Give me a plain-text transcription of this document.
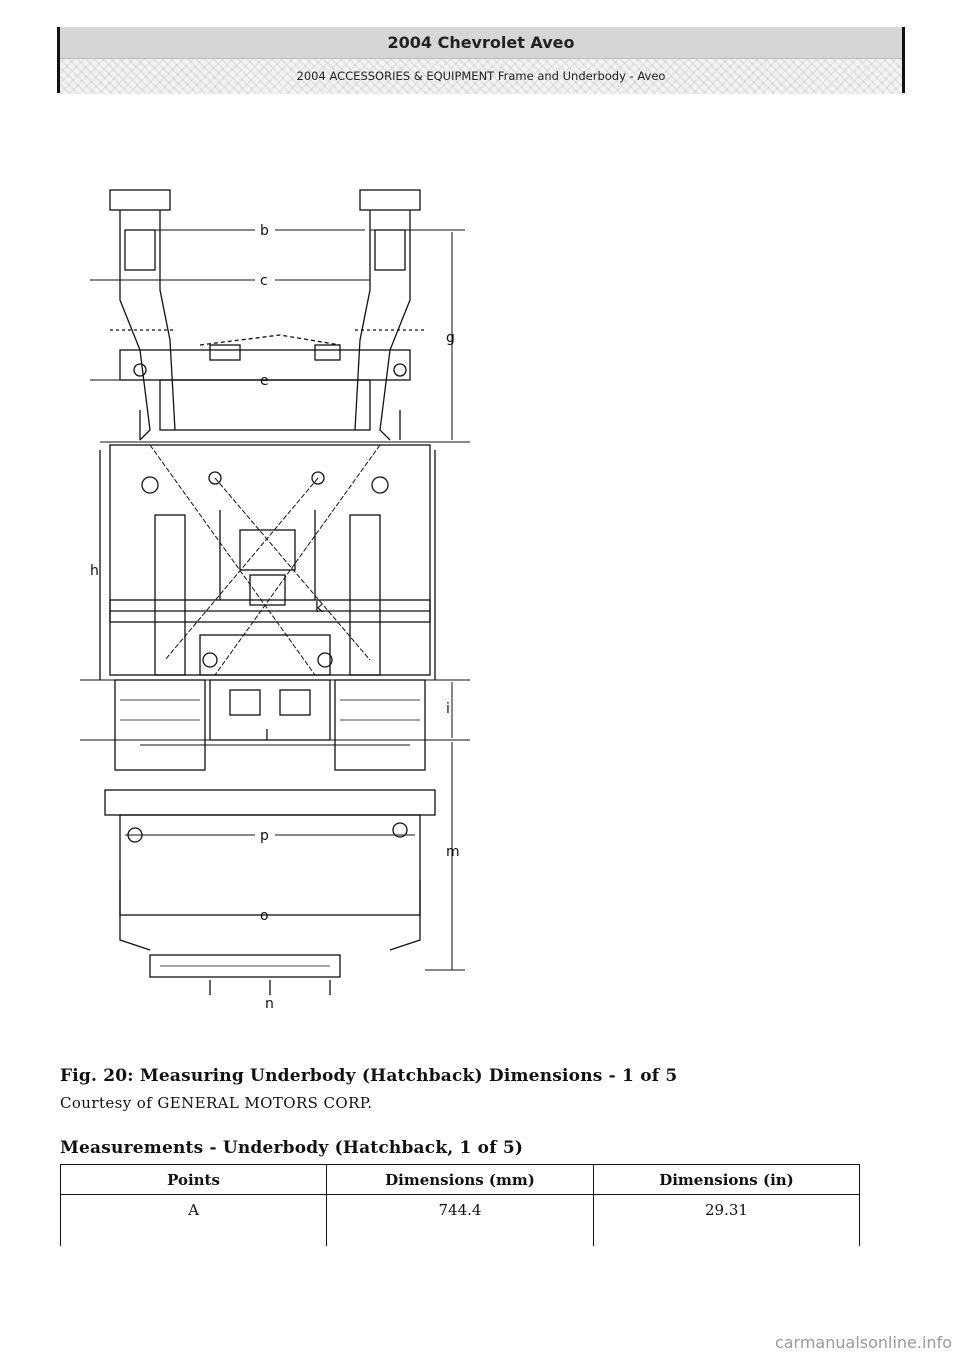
2004 Chevrolet Aveo
2004 ACCESSORIES & EQUIPMENT Frame and Underbody - Aveo
b
c
e
g
h
i
k
l
m
n
o
p
Fig. 20: Measuring Underbody (Hatchback) Dimensions - 1 of 5
Courtesy of GENERAL MOTORS CORP.
Measurements - Underbody (Hatchback, 1 of 5)
Points	Dimensions (mm)	Dimensions (in)
A	744.4	29.31
carmanualsonline.info
